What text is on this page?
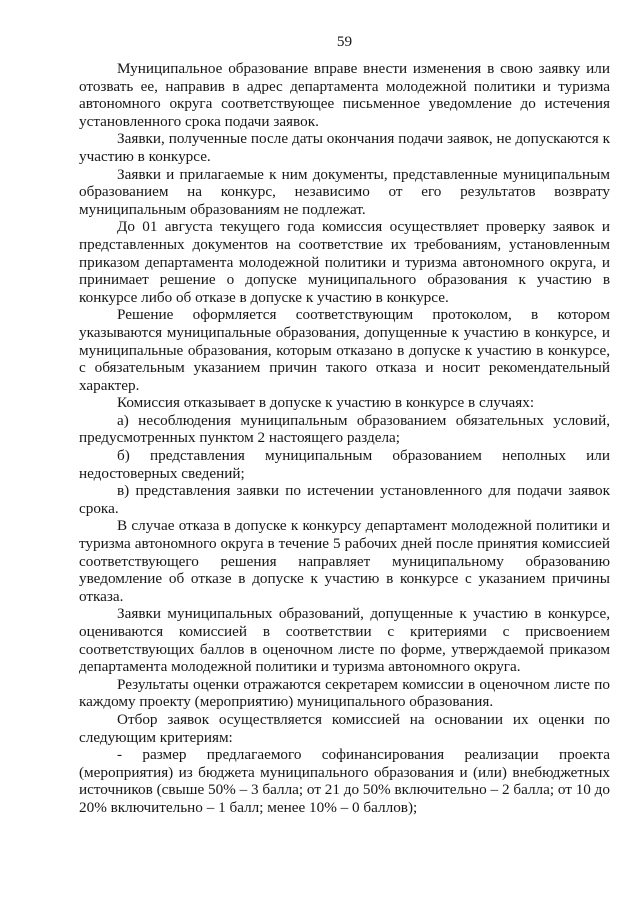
59

Муниципальное образование вправе внести изменения в свою заявку или отозвать ее, направив в адрес департамента молодежной политики и туризма автономного округа соответствующее письменное уведомление до истечения установленного срока подачи заявок.

Заявки, полученные после даты окончания подачи заявок, не допускаются к участию в конкурсе.

Заявки и прилагаемые к ним документы, представленные муниципальным образованием на конкурс, независимо от его результатов возврату муниципальным образованиям не подлежат.

До 01 августа текущего года комиссия осуществляет проверку заявок и представленных документов на соответствие их требованиям, установленным приказом департамента молодежной политики и туризма автономного округа, и принимает решение о допуске муниципального образования к участию в конкурсе либо об отказе в допуске к участию в конкурсе.

Решение оформляется соответствующим протоколом, в котором указываются муниципальные образования, допущенные к участию в конкурсе, и муниципальные образования, которым отказано в допуске к участию в конкурсе, с обязательным указанием причин такого отказа и носит рекомендательный характер.

Комиссия отказывает в допуске к участию в конкурсе в случаях:

а) несоблюдения муниципальным образованием обязательных условий, предусмотренных пунктом 2 настоящего раздела;

б) представления муниципальным образованием неполных или недостоверных сведений;

в) представления заявки по истечении установленного для подачи заявок срока.

В случае отказа в допуске к конкурсу департамент молодежной политики и туризма автономного округа в течение 5 рабочих дней после принятия комиссией соответствующего решения направляет муниципальному образованию уведомление об отказе в допуске к участию в конкурсе с указанием причины отказа.

Заявки муниципальных образований, допущенные к участию в конкурсе, оцениваются комиссией в соответствии с критериями с присвоением соответствующих баллов в оценочном листе по форме, утверждаемой приказом департамента молодежной политики и туризма автономного округа.

Результаты оценки отражаются секретарем комиссии в оценочном листе по каждому проекту (мероприятию) муниципального образования.

Отбор заявок осуществляется комиссией на основании их оценки по следующим критериям:

- размер предлагаемого софинансирования реализации проекта (мероприятия) из бюджета муниципального образования и (или) внебюджетных источников (свыше 50% – 3 балла; от 21 до 50% включительно – 2 балла; от 10 до 20% включительно – 1 балл; менее 10% – 0 баллов);
